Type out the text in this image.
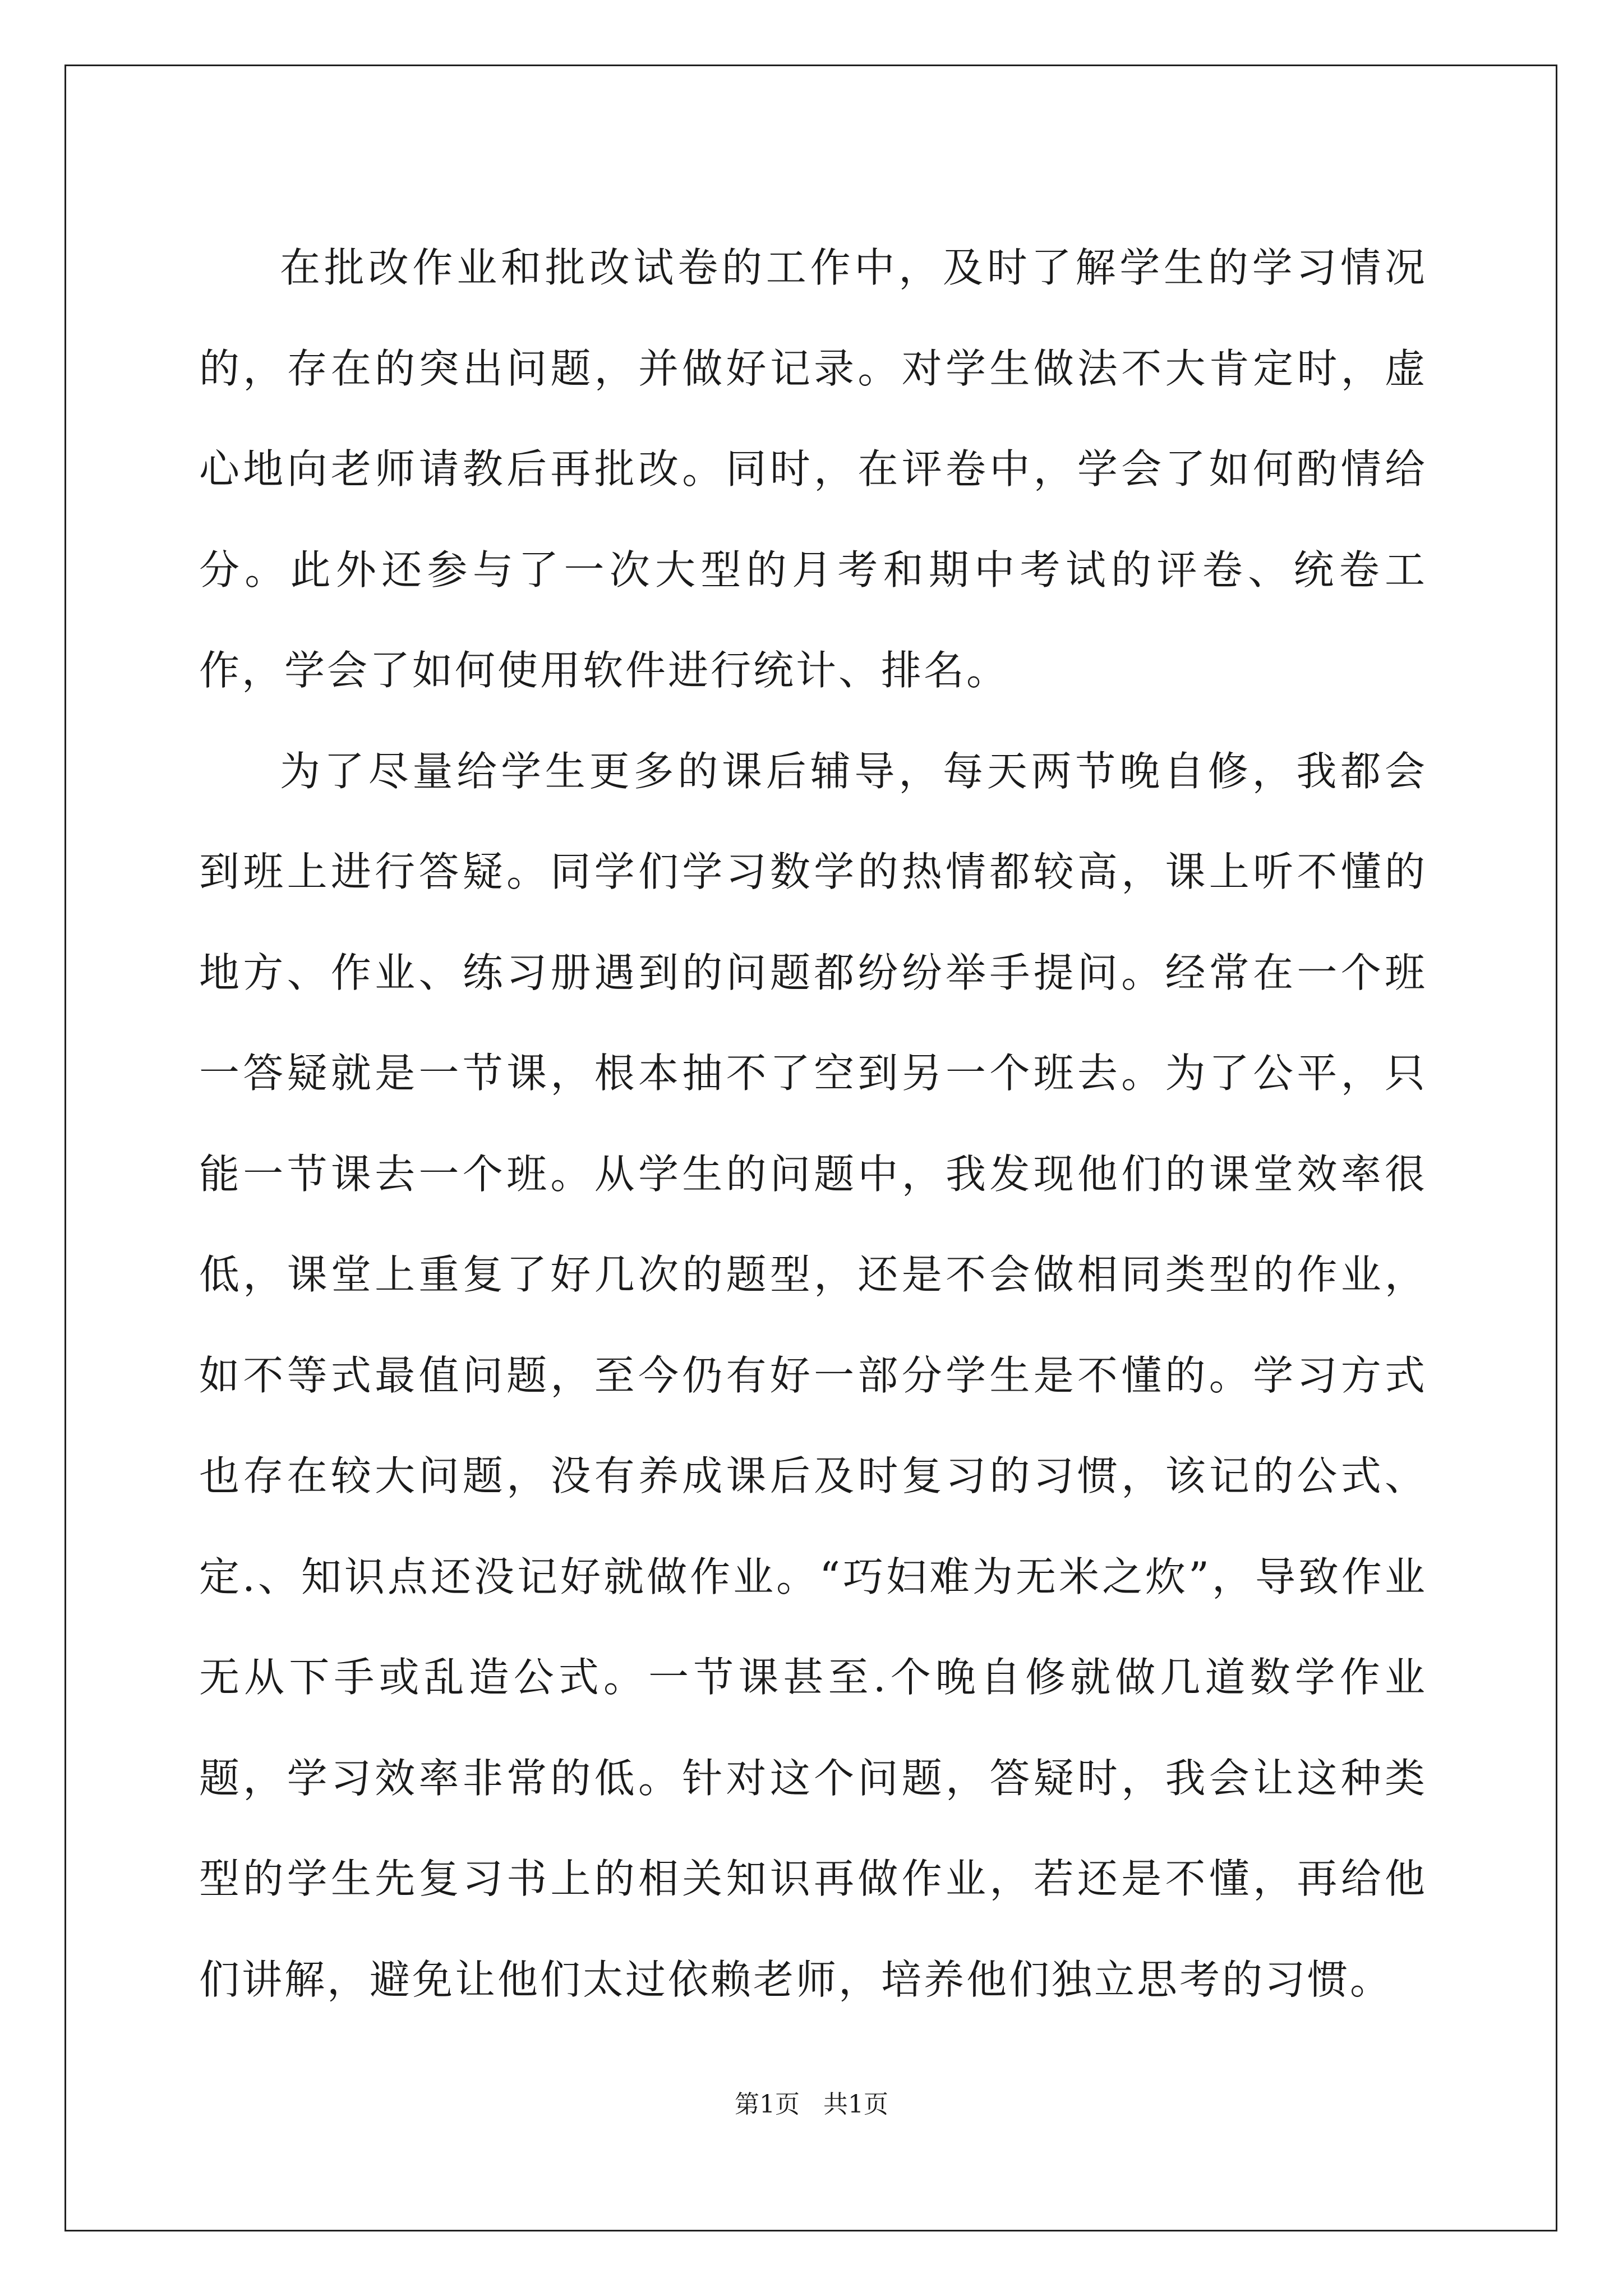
在批改作业和批改试卷的工作中，及时了解学生的学习情况的，存在的突出问题，并做好记录。对学生做法不大肯定时，虚心地向老师请教后再批改。同时，在评卷中，学会了如何酌情给分。此外还参与了一次大型的月考和期中考试的评卷、统卷工作，学会了如何使用软件进行统计、排名。

为了尽量给学生更多的课后辅导，每天两节晚自修，我都会到班上进行答疑。同学们学习数学的热情都较高，课上听不懂的地方、作业、练习册遇到的问题都纷纷举手提问。经常在一个班一答疑就是一节课，根本抽不了空到另一个班去。为了公平，只能一节课去一个班。从学生的问题中，我发现他们的课堂效率很低，课堂上重复了好几次的题型，还是不会做相同类型的作业，如不等式最值问题，至今仍有好一部分学生是不懂的。学习方式也存在较大问题，没有养成课后及时复习的习惯，该记的公式、定.、知识点还没记好就做作业。“巧妇难为无米之炊”，导致作业无从下手或乱造公式。一节课甚至.个晚自修就做几道数学作业题，学习效率非常的低。针对这个问题，答疑时，我会让这种类型的学生先复习书上的相关知识再做作业，若还是不懂，再给他们讲解，避免让他们太过依赖老师，培养他们独立思考的习惯。

第1页   共1页
